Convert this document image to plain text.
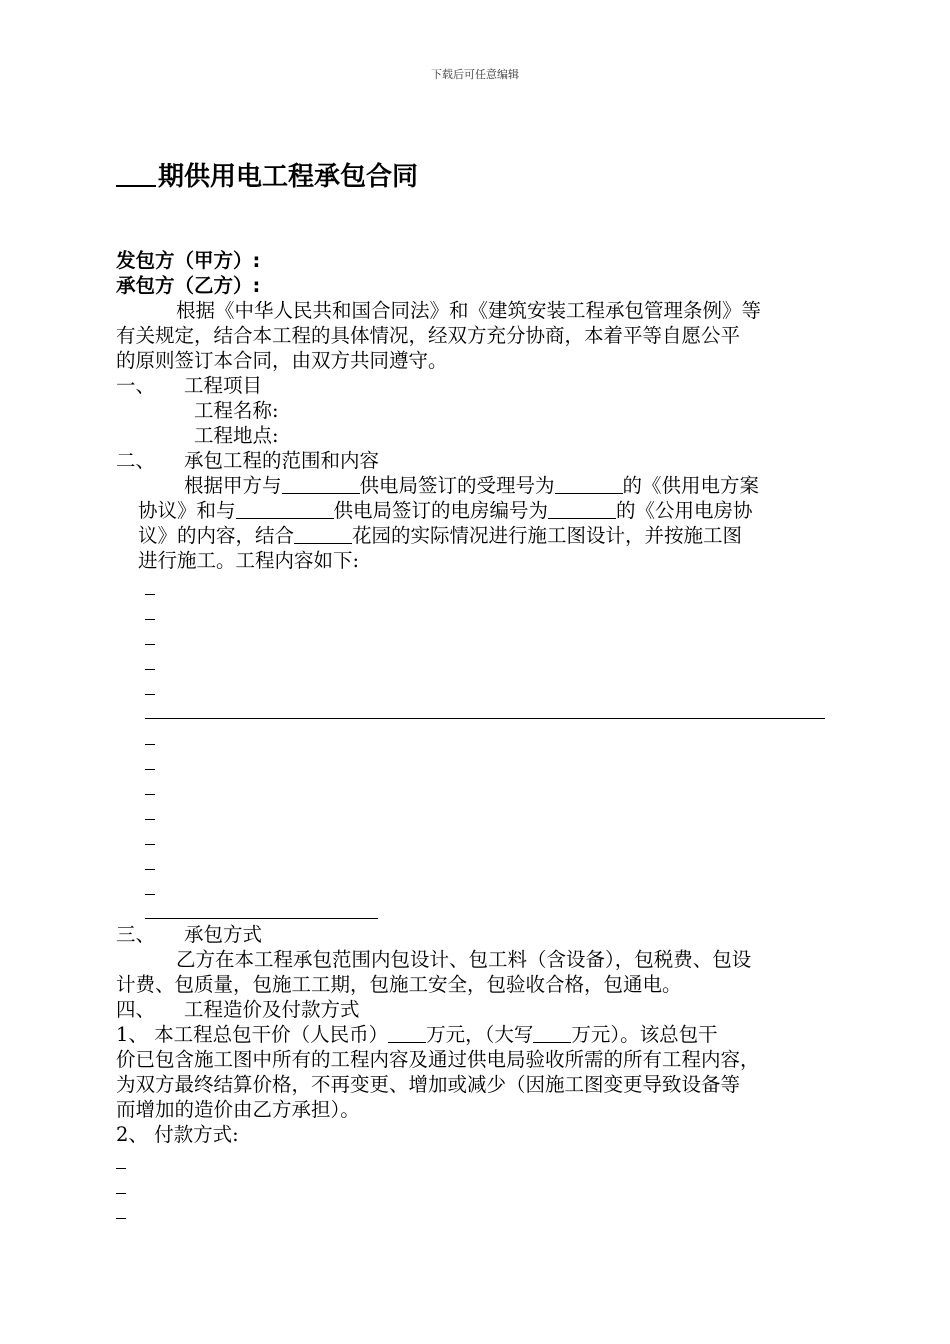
下载后可任意编辑
期供用电工程承包合同
发包方（甲方）:
承包方（乙方）:
根据《中华人民共和国合同法》和《建筑安装工程承包管理条例》等
有关规定，结合本工程的具体情况，经双方充分协商，本着平等自愿公平
的原则签订本合同，由双方共同遵守。
一、 工程项目
工程名称:
工程地点:
二、 承包工程的范围和内容
根据甲方与	供电局签订的受理号为	的《供用电方案
协议》和与	供电局签订的电房编号为	的《公用电房协
议》的内容，结合	花园的实际情况进行施工图设计，并按施工图
进行施工。工程内容如下:
三、 承包方式
乙方在本工程承包范围内包设计、包工料（含设备），包税费、包设
计费、包质量，包施工工期，包施工安全，包验收合格，包通电。
四、 工程造价及付款方式
1、 本工程总包干价（人民币） 万元，（大写 万元）。该总包干
价已包含施工图中所有的工程内容及通过供电局验收所需的所有工程内容，
为双方最终结算价格，不再变更、增加或减少（因施工图变更导致设备等
而增加的造价由乙方承担）。
2、 付款方式:
